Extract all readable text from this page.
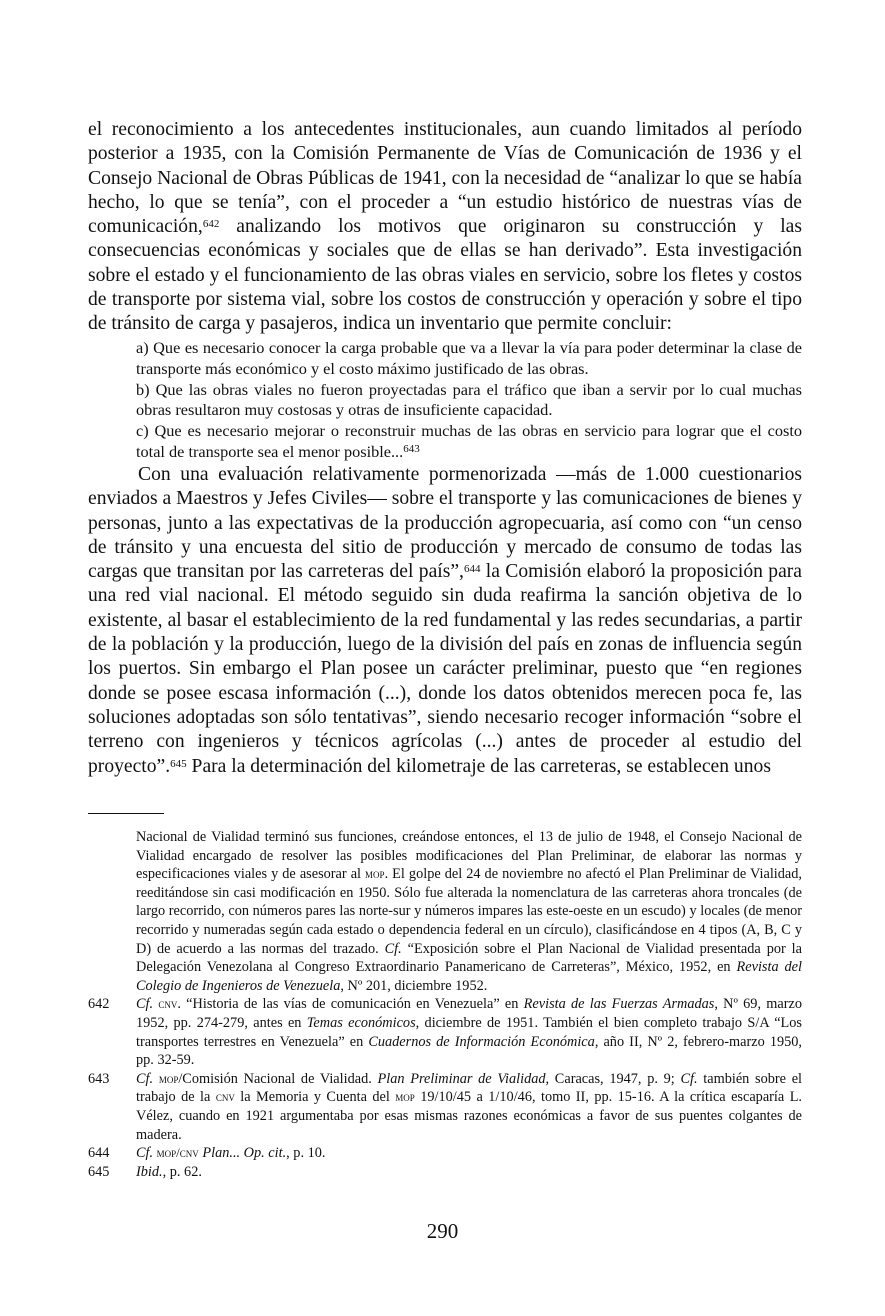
el reconocimiento a los antecedentes institucionales, aun cuando limitados al período posterior a 1935, con la Comisión Permanente de Vías de Comunicación de 1936 y el Consejo Nacional de Obras Públicas de 1941, con la necesidad de “analizar lo que se había hecho, lo que se tenía”, con el proceder a “un estudio histórico de nuestras vías de comunicación,$^{642}$ analizando los motivos que originaron su construcción y las consecuencias económicas y sociales que de ellas se han derivado”. Esta investigación sobre el estado y el funcionamiento de las obras viales en servicio, sobre los fletes y costos de transporte por sistema vial, sobre los costos de construcción y operación y sobre el tipo de tránsito de carga y pasajeros, indica un inventario que permite concluir:

a) Que es necesario conocer la carga probable que va a llevar la vía para poder determinar la clase de transporte más económico y el costo máximo justificado de las obras.

b) Que las obras viales no fueron proyectadas para el tráfico que iban a servir por lo cual muchas obras resultaron muy costosas y otras de insuficiente capacidad.

c) Que es necesario mejorar o reconstruir muchas de las obras en servicio para lograr que el costo total de transporte sea el menor posible...$^{643}$

Con una evaluación relativamente pormenorizada —más de 1.000 cuestionarios enviados a Maestros y Jefes Civiles— sobre el transporte y las comunicaciones de bienes y personas, junto a las expectativas de la producción agropecuaria, así como con “un censo de tránsito y una encuesta del sitio de producción y mercado de consumo de todas las cargas que transitan por las carreteras del país”,$^{644}$ la Comisión elaboró la proposición para una red vial nacional. El método seguido sin duda reafirma la sanción objetiva de lo existente, al basar el establecimiento de la red fundamental y las redes secundarias, a partir de la población y la producción, luego de la división del país en zonas de influencia según los puertos. Sin embargo el Plan posee un carácter preliminar, puesto que “en regiones donde se posee escasa información (...), donde los datos obtenidos merecen poca fe, las soluciones adoptadas son sólo tentativas”, siendo necesario recoger información “sobre el terreno con ingenieros y técnicos agrícolas (...) antes de proceder al estudio del proyecto”.$^{645}$ Para la determinación del kilometraje de las carreteras, se establecen unos

Nacional de Vialidad terminó sus funciones, creándose entonces, el 13 de julio de 1948, el Consejo Nacional de Vialidad encargado de resolver las posibles modificaciones del Plan Preliminar, de elaborar las normas y especificaciones viales y de asesorar al mop. El golpe del 24 de noviembre no afectó el Plan Preliminar de Vialidad, reeditándose sin casi modificación en 1950. Sólo fue alterada la nomenclatura de las carreteras ahora troncales (de largo recorrido, con números pares las norte-sur y números impares las este-oeste en un escudo) y locales (de menor recorrido y numeradas según cada estado o dependencia federal en un círculo), clasificándose en 4 tipos (A, B, C y D) de acuerdo a las normas del trazado. Cf. “Exposición sobre el Plan Nacional de Vialidad presentada por la Delegación Venezolana al Congreso Extraordinario Panamericano de Carreteras”, México, 1952, en Revista del Colegio de Ingenieros de Venezuela, Nº 201, diciembre 1952.
642	Cf. cnv. “Historia de las vías de comunicación en Venezuela” en Revista de las Fuerzas Armadas, Nº 69, marzo 1952, pp. 274-279, antes en Temas económicos, diciembre de 1951. También el bien completo trabajo S/A “Los transportes terrestres en Venezuela” en Cuadernos de Información Económica, año II, Nº 2, febrero-marzo 1950, pp. 32-59.
643	Cf. mop/Comisión Nacional de Vialidad. Plan Preliminar de Vialidad, Caracas, 1947, p. 9; Cf. también sobre el trabajo de la cnv la Memoria y Cuenta del mop 19/10/45 a 1/10/46, tomo II, pp. 15-16. A la crítica escaparía L. Vélez, cuando en 1921 argumentaba por esas mismas razones económicas a favor de sus puentes colgantes de madera.
644	Cf. mop/cnv Plan... Op. cit., p. 10.
645	Ibid., p. 62.
290
